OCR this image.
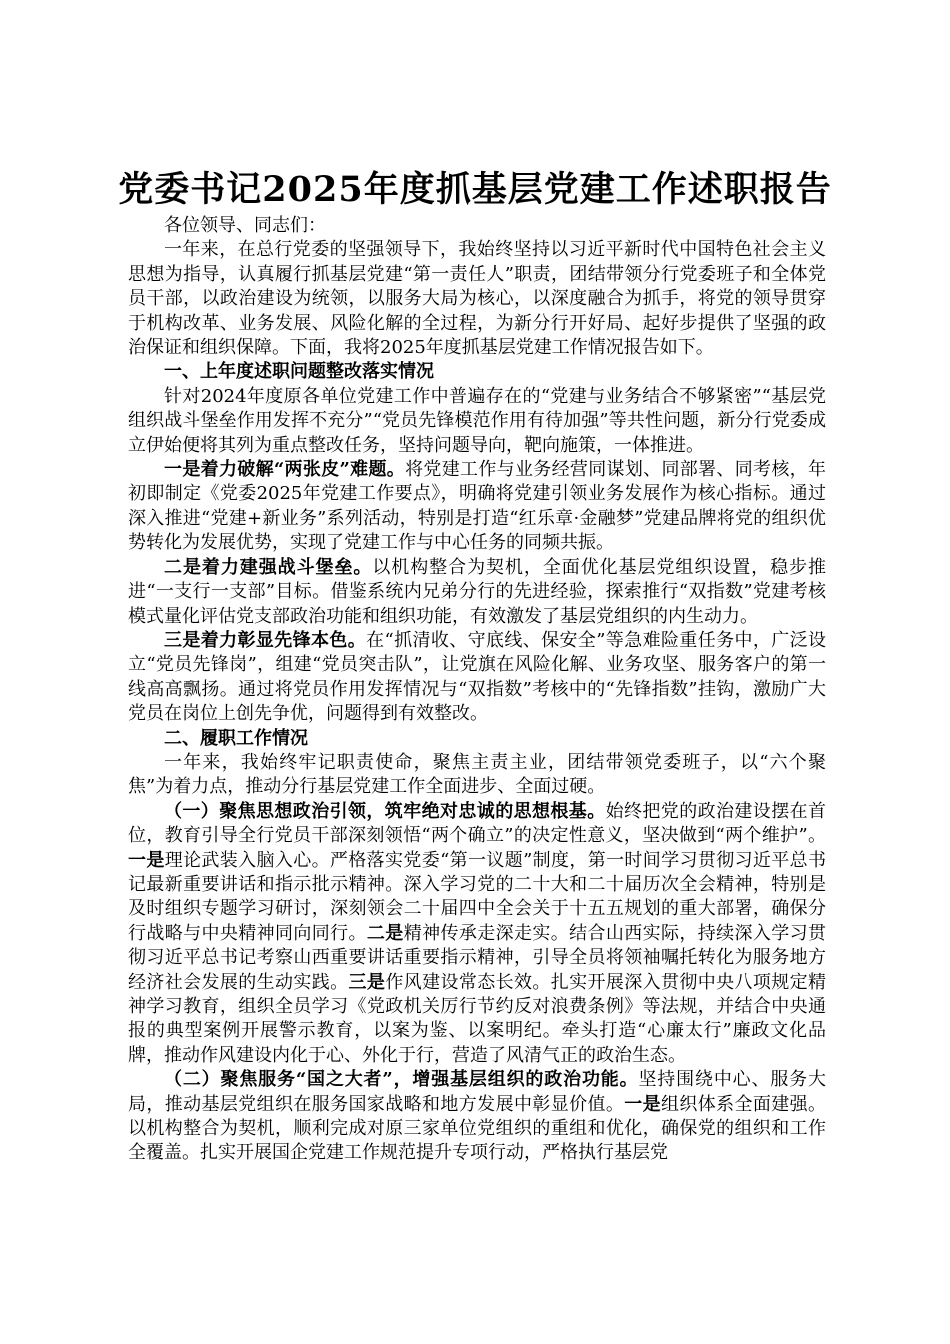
党委书记2025年度抓基层党建工作述职报告

各位领导、同志们：

一年来，在总行党委的坚强领导下，我始终坚持以习近平新时代中国特色社会主义思想为指导，认真履行抓基层党建“第一责任人”职责，团结带领分行党委班子和全体党员干部，以政治建设为统领，以服务大局为核心，以深度融合为抓手，将党的领导贯穿于机构改革、业务发展、风险化解的全过程，为新分行开好局、起好步提供了坚强的政治保证和组织保障。下面，我将2025年度抓基层党建工作情况报告如下。

一、上年度述职问题整改落实情况

针对2024年度原各单位党建工作中普遍存在的“党建与业务结合不够紧密”“基层党组织战斗堡垒作用发挥不充分”“党员先锋模范作用有待加强”等共性问题，新分行党委成立伊始便将其列为重点整改任务，坚持问题导向，靶向施策，一体推进。

一是着力破解“两张皮”难题。将党建工作与业务经营同谋划、同部署、同考核，年初即制定《党委2025年党建工作要点》，明确将党建引领业务发展作为核心指标。通过深入推进“党建+新业务”系列活动，特别是打造“红乐章·金融梦”党建品牌将党的组织优势转化为发展优势，实现了党建工作与中心任务的同频共振。

二是着力建强战斗堡垒。以机构整合为契机，全面优化基层党组织设置，稳步推进“一支行一支部”目标。借鉴系统内兄弟分行的先进经验，探索推行“双指数”党建考核模式量化评估党支部政治功能和组织功能，有效激发了基层党组织的内生动力。

三是着力彰显先锋本色。在“抓清收、守底线、保安全”等急难险重任务中，广泛设立“党员先锋岗”，组建“党员突击队”，让党旗在风险化解、业务攻坚、服务客户的第一线高高飘扬。通过将党员作用发挥情况与“双指数”考核中的“先锋指数”挂钩，激励广大党员在岗位上创先争优，问题得到有效整改。

二、履职工作情况

一年来，我始终牢记职责使命，聚焦主责主业，团结带领党委班子，以“六个聚焦”为着力点，推动分行基层党建工作全面进步、全面过硬。

（一）聚焦思想政治引领，筑牢绝对忠诚的思想根基。始终把党的政治建设摆在首位，教育引导全行党员干部深刻领悟“两个确立”的决定性意义，坚决做到“两个维护”。一是理论武装入脑入心。严格落实党委“第一议题”制度，第一时间学习贯彻习近平总书记最新重要讲话和指示批示精神。深入学习党的二十大和二十届历次全会精神，特别是及时组织专题学习研讨，深刻领会二十届四中全会关于十五五规划的重大部署，确保分行战略与中央精神同向同行。二是精神传承走深走实。结合山西实际，持续深入学习贯彻习近平总书记考察山西重要讲话重要指示精神，引导全员将领袖嘱托转化为服务地方经济社会发展的生动实践。三是作风建设常态长效。扎实开展深入贯彻中央八项规定精神学习教育，组织全员学习《党政机关厉行节约反对浪费条例》等法规，并结合中央通报的典型案例开展警示教育，以案为鉴、以案明纪。牵头打造“心廉太行”廉政文化品牌，推动作风建设内化于心、外化于行，营造了风清气正的政治生态。

（二）聚焦服务“国之大者”，增强基层组织的政治功能。坚持围绕中心、服务大局，推动基层党组织在服务国家战略和地方发展中彰显价值。一是组织体系全面建强。以机构整合为契机，顺利完成对原三家单位党组织的重组和优化，确保党的组织和工作全覆盖。扎实开展国企党建工作规范提升专项行动，严格执行基层党
